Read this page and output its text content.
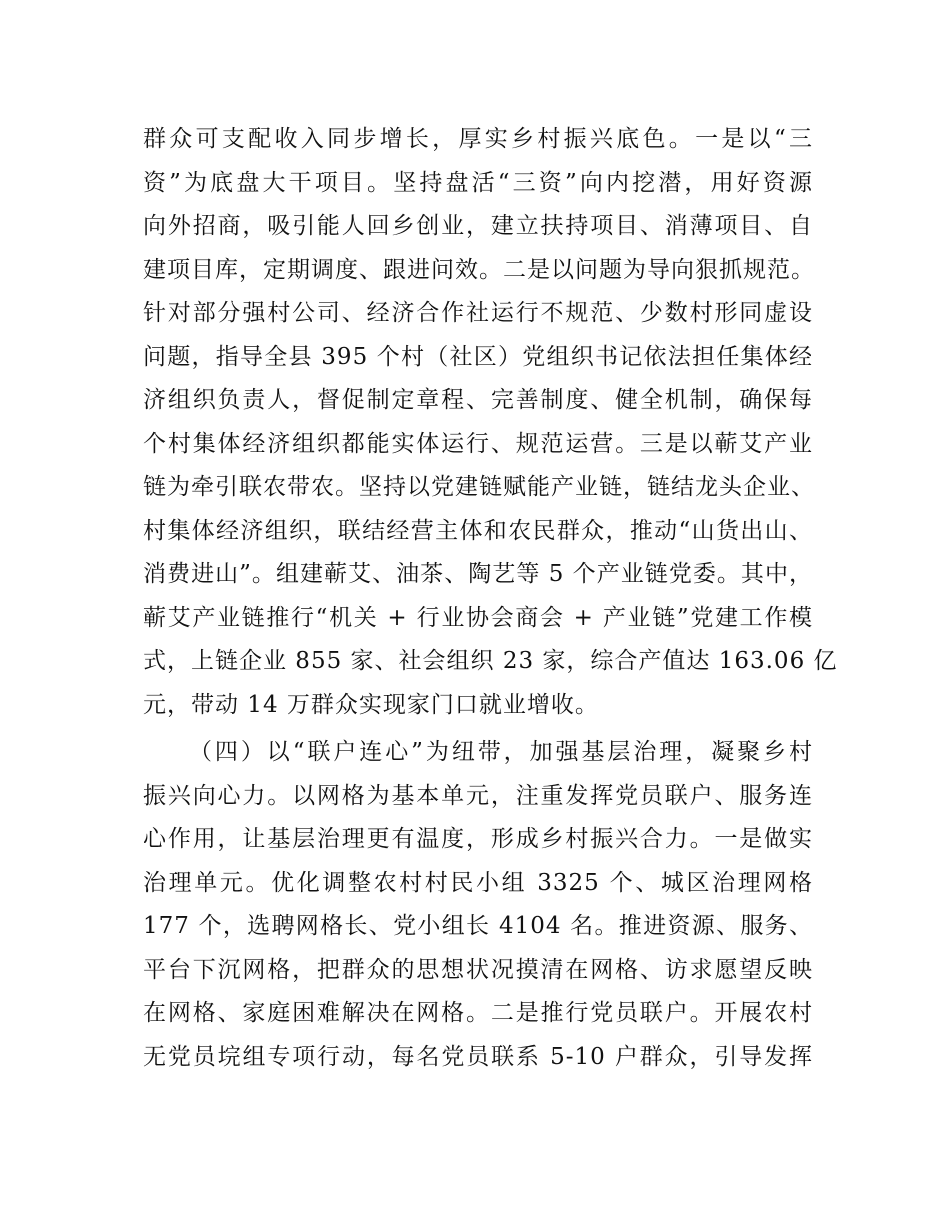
群众可支配收入同步增长，厚实乡村振兴底色。一是以“三
资”为底盘大干项目。坚持盘活“三资”向内挖潜，用好资源
向外招商，吸引能人回乡创业，建立扶持项目、消薄项目、自
建项目库，定期调度、跟进问效。二是以问题为导向狠抓规范。
针对部分强村公司、经济合作社运行不规范、少数村形同虚设
问题，指导全县 395 个村（社区）党组织书记依法担任集体经
济组织负责人，督促制定章程、完善制度、健全机制，确保每
个村集体经济组织都能实体运行、规范运营。三是以蕲艾产业
链为牵引联农带农。坚持以党建链赋能产业链，链结龙头企业、
村集体经济组织，联结经营主体和农民群众，推动“山货出山、
消费进山”。组建蕲艾、油茶、陶艺等 5 个产业链党委。其中，
蕲艾产业链推行“机关 + 行业协会商会 + 产业链”党建工作模
式，上链企业 855 家、社会组织 23 家，综合产值达 163.06 亿
元，带动 14 万群众实现家门口就业增收。
（四）以“联户连心”为纽带，加强基层治理，凝聚乡村
振兴向心力。以网格为基本单元，注重发挥党员联户、服务连
心作用，让基层治理更有温度，形成乡村振兴合力。一是做实
治理单元。优化调整农村村民小组 3325 个、城区治理网格
177 个，选聘网格长、党小组长 4104 名。推进资源、服务、
平台下沉网格，把群众的思想状况摸清在网格、访求愿望反映
在网格、家庭困难解决在网格。二是推行党员联户。开展农村
无党员垸组专项行动，每名党员联系 5-10 户群众，引导发挥
